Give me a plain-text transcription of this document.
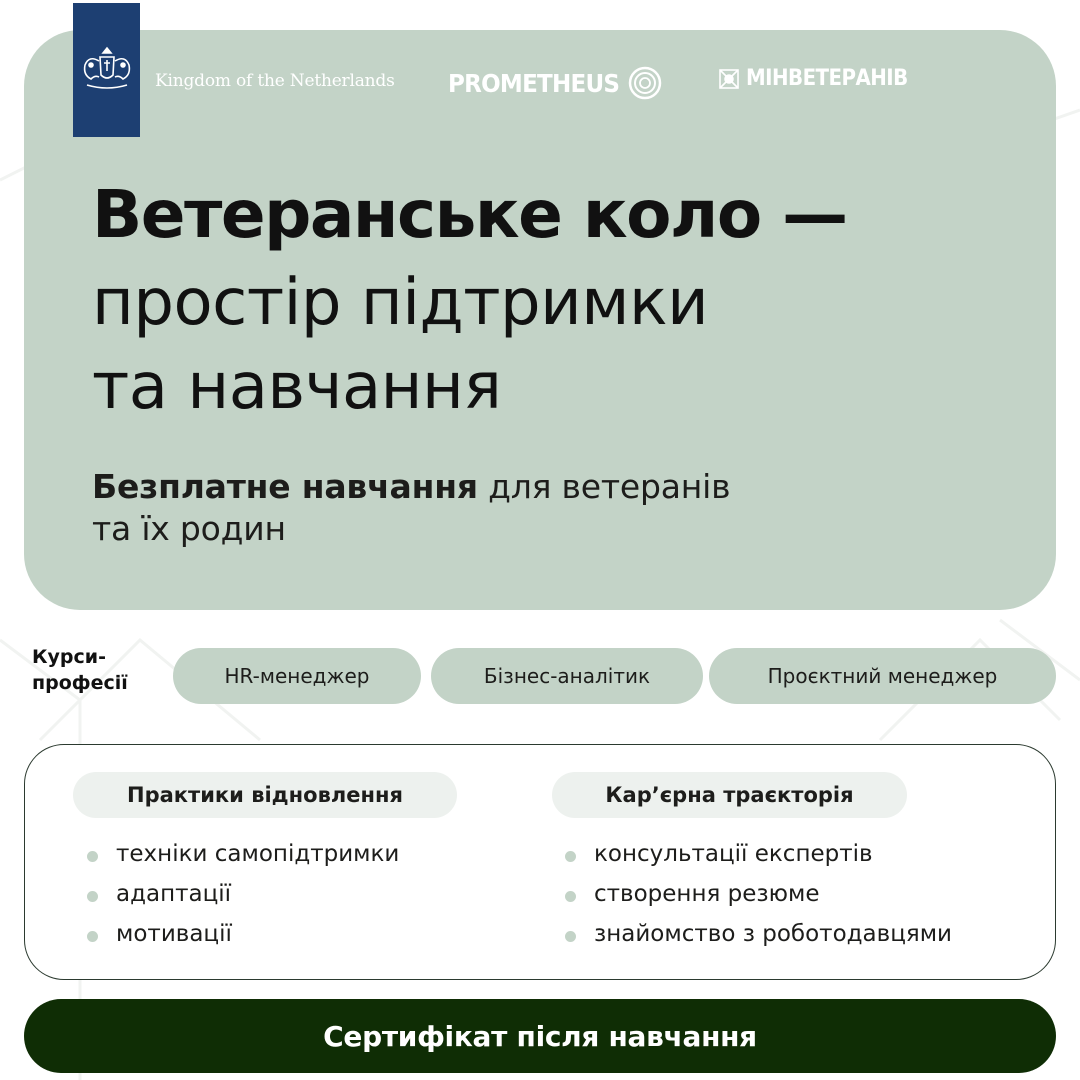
Kingdom of the Netherlands PROMETHEUS	МІНВЕТЕРАНІВ
Ветеранське коло —
простір підтримки
та навчання
Безплатне навчання для ветеранів
та їх родин
Курси-
професії	HR-менеджер	Бізнес-аналітик	Проєктний менеджер
Практики відновлення	Кар’єрна траєкторія
техніки самопідтримки
адаптації
мотивації
консультації експертів
створення резюме
знайомство з роботодавцями
Сертифікат після навчання
